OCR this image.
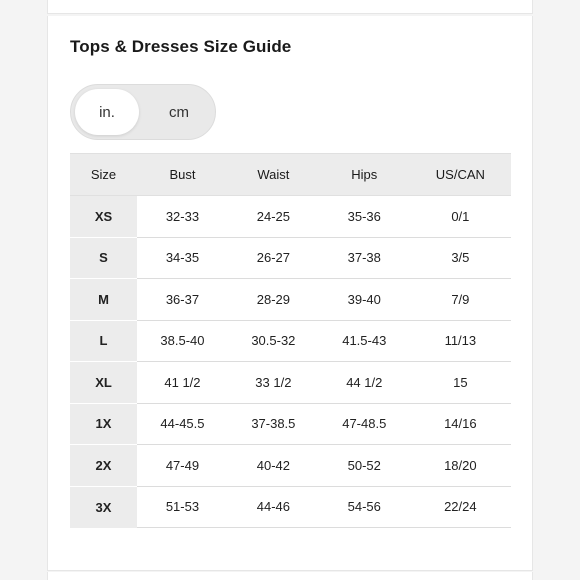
Tops & Dresses Size Guide
in.	cm
Size	Bust	Waist	Hips	US/CAN
XS	32-33	24-25	35-36	0/1
S	34-35	26-27	37-38	3/5
M	36-37	28-29	39-40	7/9
L	38.5-40	30.5-32	41.5-43	11/13
XL	41 1/2	33 1/2	44 1/2	15
1X	44-45.5	37-38.5	47-48.5	14/16
2X	47-49	40-42	50-52	18/20
3X	51-53	44-46	54-56	22/24
